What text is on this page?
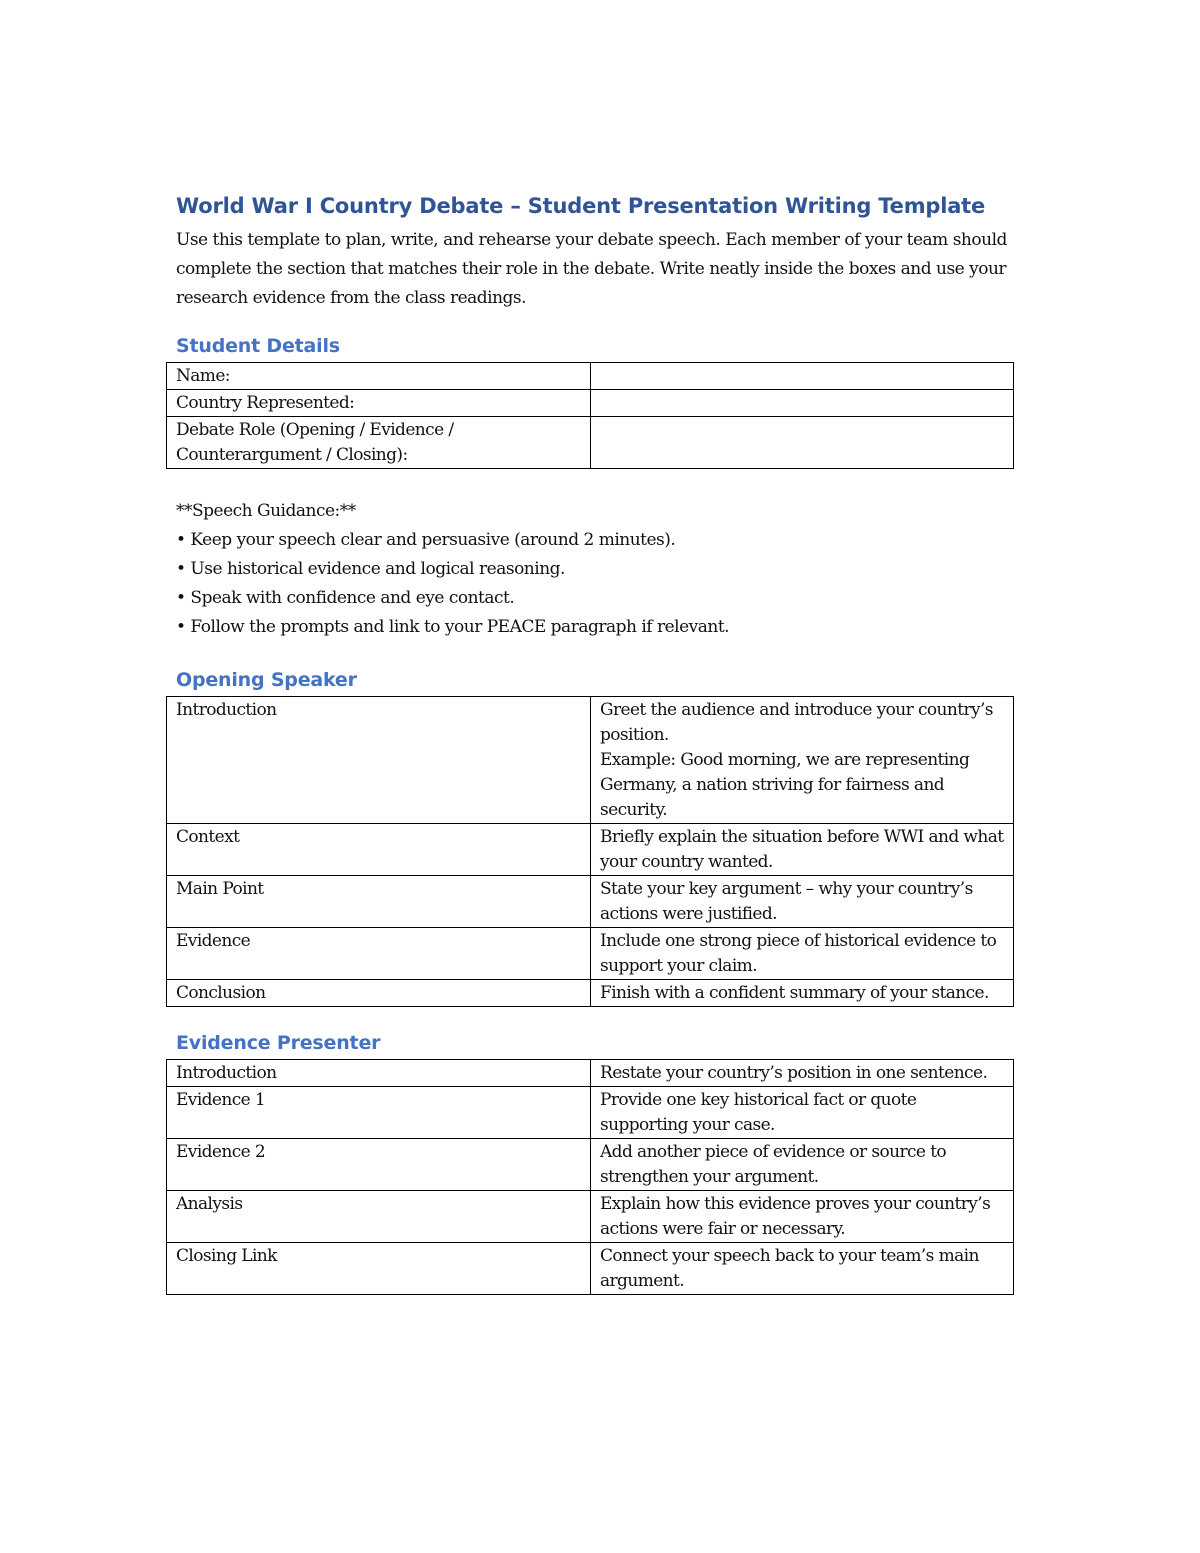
World War I Country Debate – Student Presentation Writing Template

Use this template to plan, write, and rehearse your debate speech. Each member of your team should complete the section that matches their role in the debate. Write neatly inside the boxes and use your research evidence from the class readings.

Student Details
Name:	
Country Represented:	
Debate Role (Opening / Evidence / Counterargument / Closing):	
**Speech Guidance:**
• Keep your speech clear and persuasive (around 2 minutes).
• Use historical evidence and logical reasoning.
• Speak with confidence and eye contact.
• Follow the prompts and link to your PEACE paragraph if relevant.
Opening Speaker
Introduction	Greet the audience and introduce your country’s position.
Example: Good morning, we are representing Germany, a nation striving for fairness and security.

Context	Briefly explain the situation before WWI and what your country wanted.
Main Point	State your key argument – why your country’s actions were justified.
Evidence	Include one strong piece of historical evidence to support your claim.
Conclusion	Finish with a confident summary of your stance.
Evidence Presenter
Introduction	Restate your country’s position in one sentence.
Evidence 1	Provide one key historical fact or quote supporting your case.
Evidence 2	Add another piece of evidence or source to strengthen your argument.
Analysis	Explain how this evidence proves your country’s actions were fair or necessary.
Closing Link	Connect your speech back to your team’s main argument.
